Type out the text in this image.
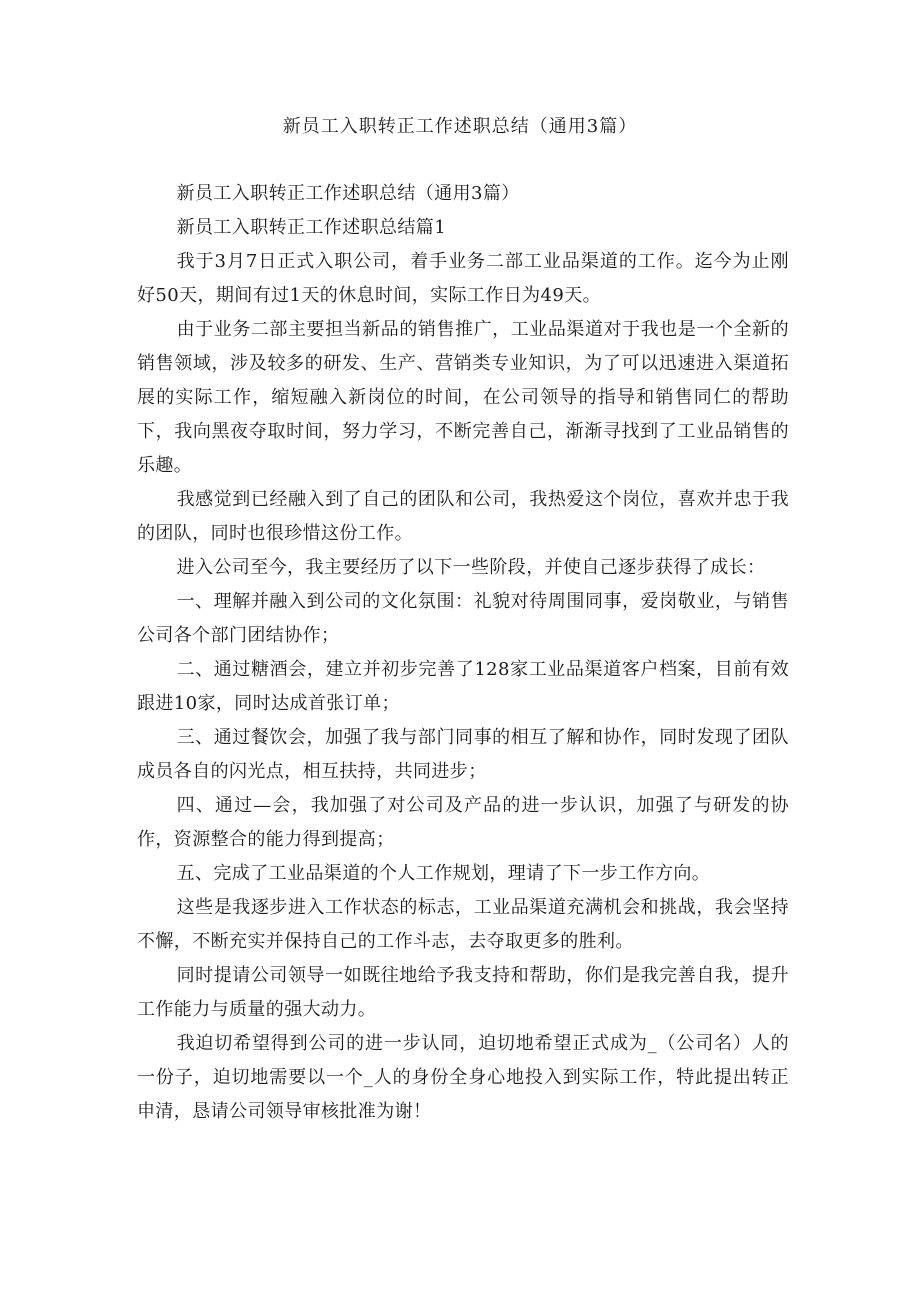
新员工入职转正工作述职总结（通用3篇）

新员工入职转正工作述职总结（通用3篇）

新员工入职转正工作述职总结篇1

我于3月7日正式入职公司，着手业务二部工业品渠道的工作。迄今为止刚好50天，期间有过1天的休息时间，实际工作日为49天。

由于业务二部主要担当新品的销售推广，工业品渠道对于我也是一个全新的销售领域，涉及较多的研发、生产、营销类专业知识，为了可以迅速进入渠道拓展的实际工作，缩短融入新岗位的时间，在公司领导的指导和销售同仁的帮助下，我向黑夜夺取时间，努力学习，不断完善自己，渐渐寻找到了工业品销售的乐趣。

我感觉到已经融入到了自己的团队和公司，我热爱这个岗位，喜欢并忠于我的团队，同时也很珍惜这份工作。

进入公司至今，我主要经历了以下一些阶段，并使自己逐步获得了成长：

一、理解并融入到公司的文化氛围：礼貌对待周围同事，爱岗敬业，与销售公司各个部门团结协作；

二、通过糖酒会，建立并初步完善了128家工业品渠道客户档案，目前有效跟进10家，同时达成首张订单；

三、通过餐饮会，加强了我与部门同事的相互了解和协作，同时发现了团队成员各自的闪光点，相互扶持，共同进步；

四、通过—会，我加强了对公司及产品的进一步认识，加强了与研发的协作，资源整合的能力得到提高；

五、完成了工业品渠道的个人工作规划，理请了下一步工作方向。

这些是我逐步进入工作状态的标志，工业品渠道充满机会和挑战，我会坚持不懈，不断充实并保持自己的工作斗志，去夺取更多的胜利。

同时提请公司领导一如既往地给予我支持和帮助，你们是我完善自我，提升工作能力与质量的强大动力。

我迫切希望得到公司的进一步认同，迫切地希望正式成为_（公司名）人的一份子，迫切地需要以一个_人的身份全身心地投入到实际工作，特此提出转正申清，恳请公司领导审核批准为谢！
